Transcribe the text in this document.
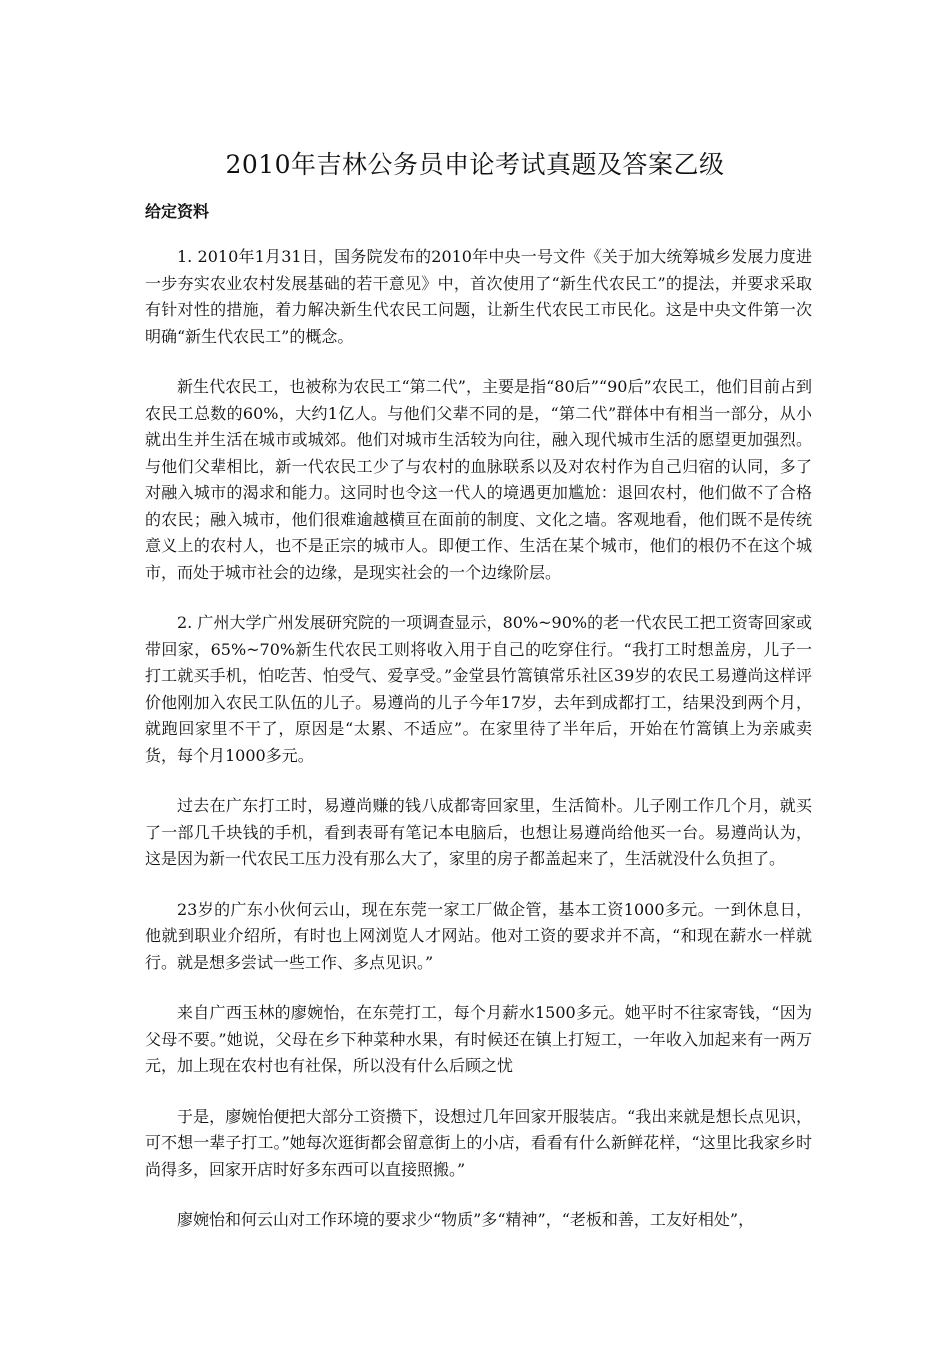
2010年吉林公务员申论考试真题及答案乙级
给定资料

1. 2010年1月31日，国务院发布的2010年中央一号文件《关于加大统筹城乡发展力度进一步夯实农业农村发展基础的若干意见》中，首次使用了“新生代农民工”的提法，并要求采取有针对性的措施，着力解决新生代农民工问题，让新生代农民工市民化。这是中央文件第一次明确“新生代农民工”的概念。

新生代农民工，也被称为农民工“第二代”，主要是指“80后”“90后”农民工，他们目前占到农民工总数的60%，大约1亿人。与他们父辈不同的是，“第二代”群体中有相当一部分，从小就出生并生活在城市或城郊。他们对城市生活较为向往，融入现代城市生活的愿望更加强烈。与他们父辈相比，新一代农民工少了与农村的血脉联系以及对农村作为自己归宿的认同，多了对融入城市的渴求和能力。这同时也令这一代人的境遇更加尴尬：退回农村，他们做不了合格的农民；融入城市，他们很难逾越横亘在面前的制度、文化之墙。客观地看，他们既不是传统意义上的农村人，也不是正宗的城市人。即便工作、生活在某个城市，他们的根仍不在这个城市，而处于城市社会的边缘，是现实社会的一个边缘阶层。

2. 广州大学广州发展研究院的一项调查显示，80%~90%的老一代农民工把工资寄回家或带回家，65%~70%新生代农民工则将收入用于自己的吃穿住行。“我打工时想盖房，儿子一打工就买手机，怕吃苦、怕受气、爱享受。”金堂县竹篙镇常乐社区39岁的农民工易遵尚这样评价他刚加入农民工队伍的儿子。易遵尚的儿子今年17岁，去年到成都打工，结果没到两个月，就跑回家里不干了，原因是“太累、不适应”。在家里待了半年后，开始在竹篙镇上为亲戚卖货，每个月1000多元。

过去在广东打工时，易遵尚赚的钱八成都寄回家里，生活简朴。儿子刚工作几个月，就买了一部几千块钱的手机，看到表哥有笔记本电脑后，也想让易遵尚给他买一台。易遵尚认为，这是因为新一代农民工压力没有那么大了，家里的房子都盖起来了，生活就没什么负担了。

23岁的广东小伙何云山，现在东莞一家工厂做企管，基本工资1000多元。一到休息日，他就到职业介绍所，有时也上网浏览人才网站。他对工资的要求并不高，“和现在薪水一样就行。就是想多尝试一些工作、多点见识。”

来自广西玉林的廖婉怡，在东莞打工，每个月薪水1500多元。她平时不往家寄钱，“因为父母不要。”她说，父母在乡下种菜种水果，有时候还在镇上打短工，一年收入加起来有一两万元，加上现在农村也有社保，所以没有什么后顾之忧

于是，廖婉怡便把大部分工资攒下，设想过几年回家开服装店。“我出来就是想长点见识，可不想一辈子打工。”她每次逛街都会留意街上的小店，看看有什么新鲜花样，“这里比我家乡时尚得多，回家开店时好多东西可以直接照搬。”

廖婉怡和何云山对工作环境的要求少“物质”多“精神”，“老板和善，工友好相处”，
